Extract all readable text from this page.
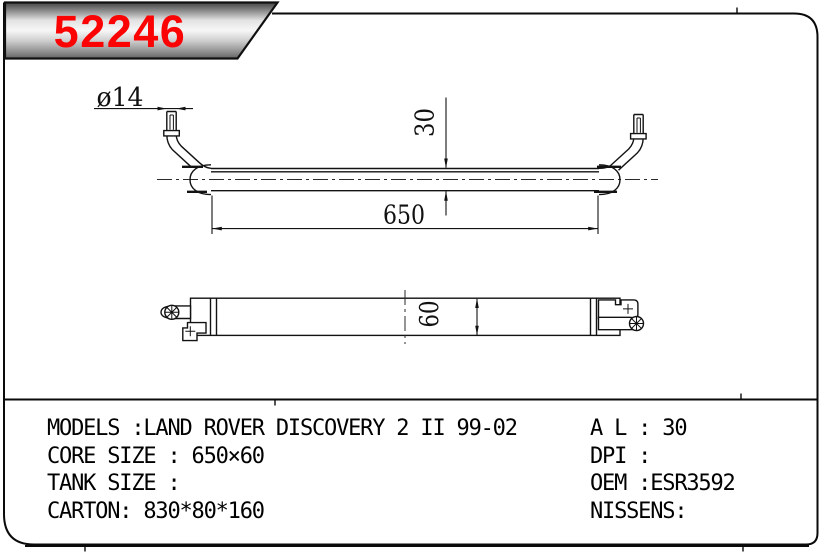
ø14
30
650
60
52246
MODELS :LAND ROVER DISCOVERY 2 II 99-02
CORE SIZE : 650×60
TANK SIZE :
CARTON: 830*80*160
A L : 30
DPI :
OEM :ESR3592
NISSENS:
